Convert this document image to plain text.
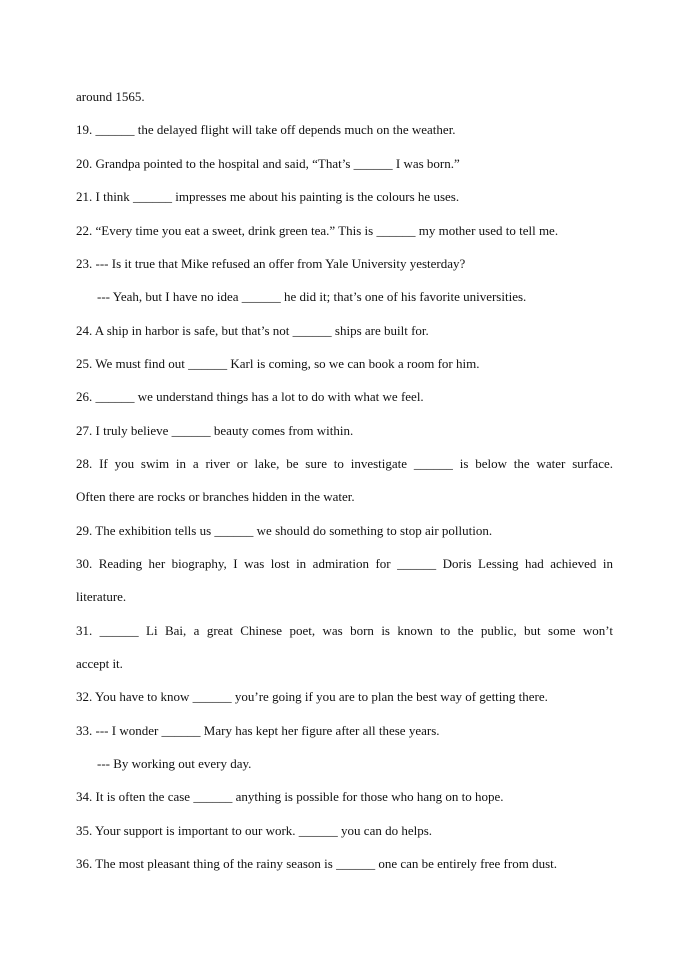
around 1565.
19. ______ the delayed flight will take off depends much on the weather.
20. Grandpa pointed to the hospital and said, “That’s ______ I was born.”
21. I think ______ impresses me about his painting is the colours he uses.
22. “Every time you eat a sweet, drink green tea.” This is ______ my mother used to tell me.
23. --- Is it true that Mike refused an offer from Yale University yesterday?
--- Yeah, but I have no idea ______ he did it; that’s one of his favorite universities.
24. A ship in harbor is safe, but that’s not ______ ships are built for.
25. We must find out ______ Karl is coming, so we can book a room for him.
26. ______ we understand things has a lot to do with what we feel.
27. I truly believe ______ beauty comes from within.
28. If you swim in a river or lake, be sure to investigate ______ is below the water surface.
Often there are rocks or branches hidden in the water.
29. The exhibition tells us ______ we should do something to stop air pollution.
30. Reading her biography, I was lost in admiration for ______ Doris Lessing had achieved in
literature.
31. ______ Li Bai, a great Chinese poet, was born is known to the public, but some won’t
accept it.
32. You have to know ______ you’re going if you are to plan the best way of getting there.
33. --- I wonder ______ Mary has kept her figure after all these years.
--- By working out every day.
34. It is often the case ______ anything is possible for those who hang on to hope.
35. Your support is important to our work. ______ you can do helps.
36. The most pleasant thing of the rainy season is ______ one can be entirely free from dust.
